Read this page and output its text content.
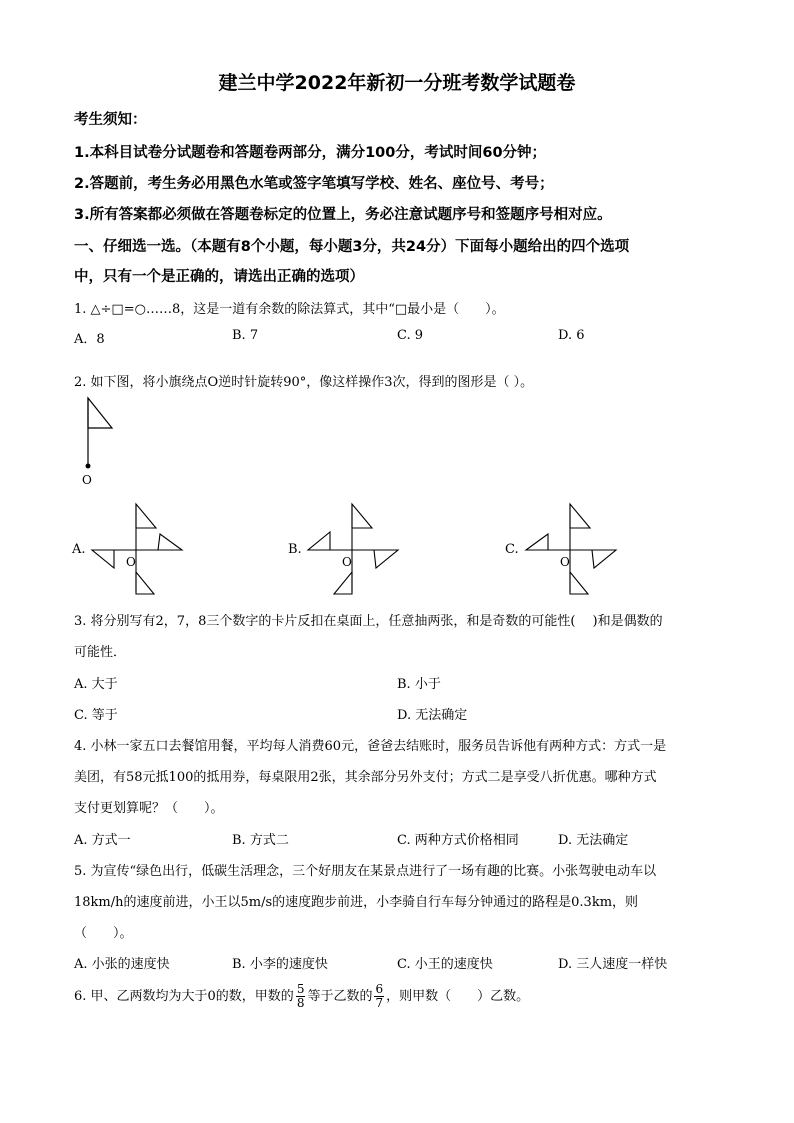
建兰中学2022年新初一分班考数学试题卷
考生须知：
1.本科目试卷分试题卷和答题卷两部分，满分100分，考试时间60分钟；
2.答题前，考生务必用黑色水笔或签字笔填写学校、姓名、座位号、考号；
3.所有答案都必须做在答题卷标定的位置上，务必注意试题序号和签题序号相对应。
一、仔细选一选。（本题有8个小题，每小题3分，共24分）下面每小题给出的四个选项
中，只有一个是正确的，请选出正确的选项）
1. △÷□=○……8，这是一道有余数的除法算式，其中“□最小是（　　）。
A．8	B. 7	C. 9	D. 6
2. 如下图，将小旗绕点O逆时针旋转90°，像这样操作3次，得到的图形是（ ）。
O
A.
O
B.
O
C.
O
3. 将分别写有2，7，8三个数字的卡片反扣在桌面上，任意抽两张，和是奇数的可能性(　 )和是偶数的
可能性．
A. 大于	B. 小于
C. 等于	D. 无法确定
4. 小林一家五口去餐馆用餐，平均每人消费60元，爸爸去结账时，服务员告诉他有两种方式：方式一是
美团，有58元抵100的抵用券，每桌限用2张，其余部分另外支付；方式二是享受八折优惠。哪种方式
支付更划算呢？（　　）。
A. 方式一	B. 方式二	C. 两种方式价格相同	D. 无法确定
5. 为宣传“绿色出行，低碳生活理念，三个好朋友在某景点进行了一场有趣的比赛。小张驾驶电动车以
18km/h的速度前进，小王以5m/s的速度跑步前进，小李骑自行车每分钟通过的路程是0.3km，则
（　　）。
A. 小张的速度快	B. 小李的速度快	C. 小王的速度快	D. 三人速度一样快
6. 甲、乙两数均为大于0的数，甲数的 $\frac{5}{8}$ 等于乙数的 $\frac{6}{7}$ ，则甲数（　　）乙数。
